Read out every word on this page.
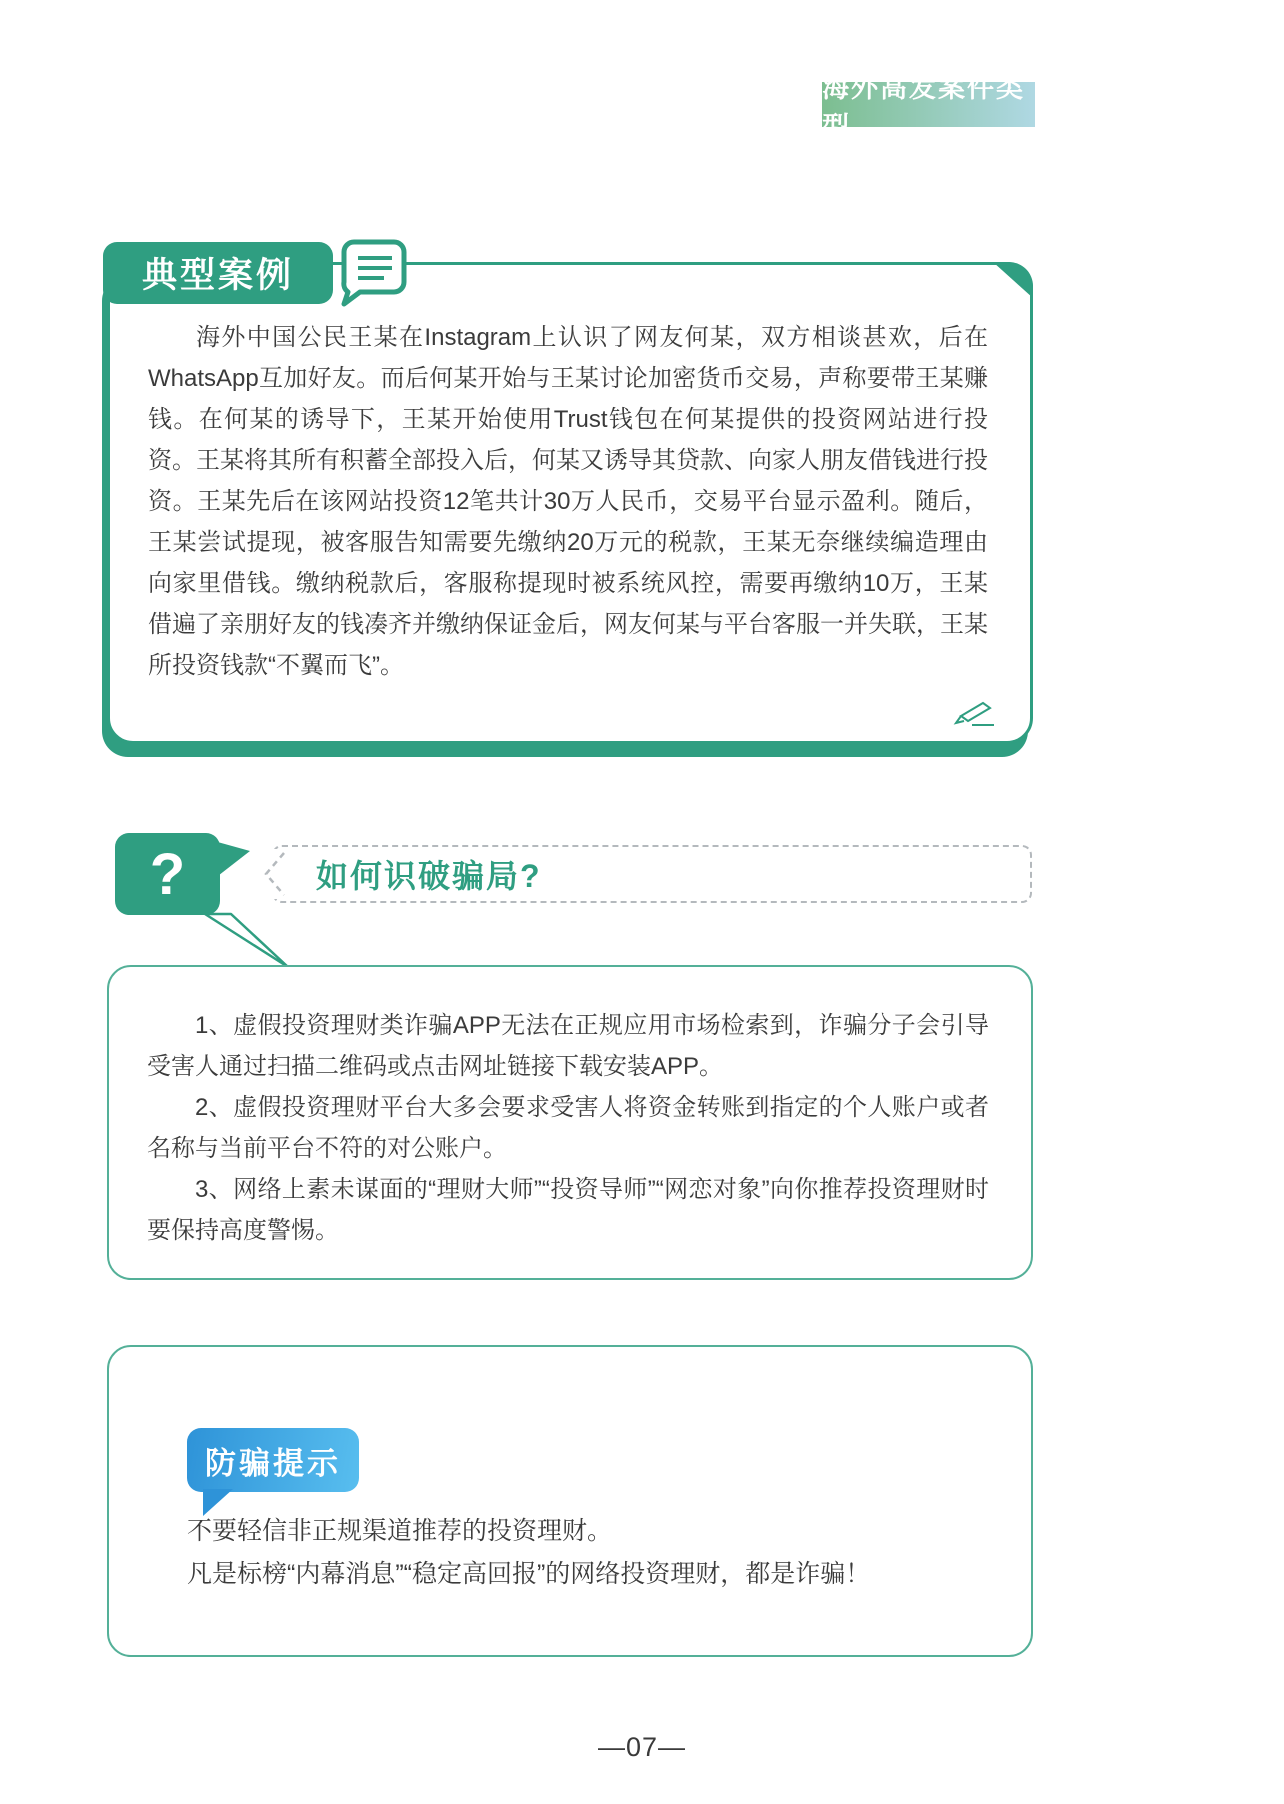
海外高发案件类型

海外中国公民王某在Instagram上认识了网友何某，双方相谈甚欢，后在WhatsApp互加好友。而后何某开始与王某讨论加密货币交易，声称要带王某赚钱。在何某的诱导下，王某开始使用Trust钱包在何某提供的投资网站进行投资。王某将其所有积蓄全部投入后，何某又诱导其贷款、向家人朋友借钱进行投资。王某先后在该网站投资12笔共计30万人民币，交易平台显示盈利。随后，王某尝试提现，被客服告知需要先缴纳20万元的税款，王某无奈继续编造理由向家里借钱。缴纳税款后，客服称提现时被系统风控，需要再缴纳10万，王某借遍了亲朋好友的钱凑齐并缴纳保证金后，网友何某与平台客服一并失联，王某所投资钱款“不翼而飞”。

典型案例
?	如何识破骗局?

1、虚假投资理财类诈骗APP无法在正规应用市场检索到，诈骗分子会引导受害人通过扫描二维码或点击网址链接下载安装APP。

2、虚假投资理财平台大多会要求受害人将资金转账到指定的个人账户或者名称与当前平台不符的对公账户。

3、网络上素未谋面的“理财大师”“投资导师”“网恋对象”向你推荐投资理财时要保持高度警惕。

防骗提示

不要轻信非正规渠道推荐的投资理财。

凡是标榜“内幕消息”“稳定高回报”的网络投资理财，都是诈骗！

—07—
